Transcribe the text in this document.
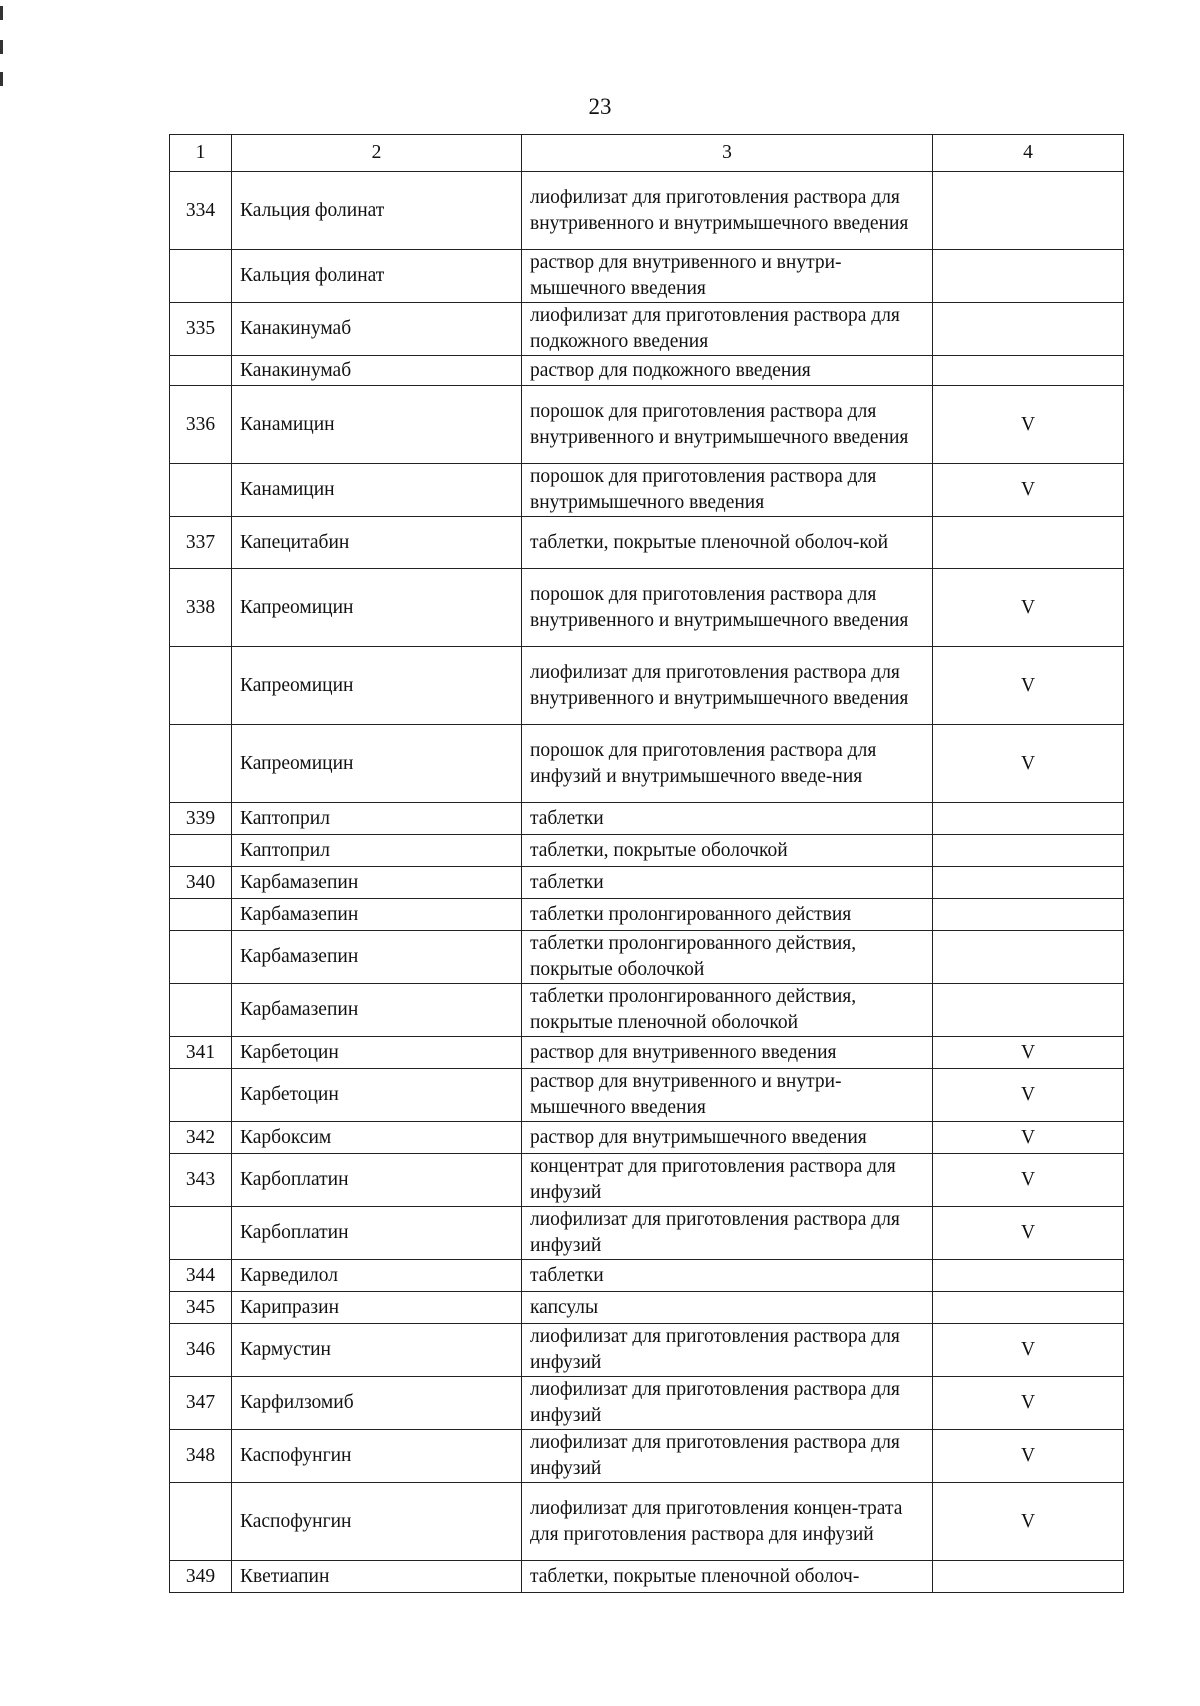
23
1	2	3	4
334	Кальция фолинат	лиофилизат для приготовления раствора для внутривенного и внутримышечного введения	
	Кальция фолинат	раствор для внутривенного и внутри-мышечного введения	
335	Канакинумаб	лиофилизат для приготовления раствора для подкожного введения	
	Канакинумаб	раствор для подкожного введения	
336	Канамицин	порошок для приготовления раствора для внутривенного и внутримышечного введения	V
	Канамицин	порошок для приготовления раствора для внутримышечного введения	V
337	Капецитабин	таблетки, покрытые пленочной оболоч-кой	
338	Капреомицин	порошок для приготовления раствора для внутривенного и внутримышечного введения	V
	Капреомицин	лиофилизат для приготовления раствора для внутривенного и внутримышечного введения	V
	Капреомицин	порошок для приготовления раствора для инфузий и внутримышечного введе-ния	V
339	Каптоприл	таблетки	
	Каптоприл	таблетки, покрытые оболочкой	
340	Карбамазепин	таблетки	
	Карбамазепин	таблетки пролонгированного действия	
	Карбамазепин	таблетки пролонгированного действия, покрытые оболочкой	
	Карбамазепин	таблетки пролонгированного действия, покрытые пленочной оболочкой	
341	Карбетоцин	раствор для внутривенного введения	V
	Карбетоцин	раствор для внутривенного и внутри-мышечного введения	V
342	Карбоксим	раствор для внутримышечного введения	V
343	Карбоплатин	концентрат для приготовления раствора для инфузий	V
	Карбоплатин	лиофилизат для приготовления раствора для инфузий	V
344	Карведилол	таблетки	
345	Карипразин	капсулы	
346	Кармустин	лиофилизат для приготовления раствора для инфузий	V
347	Карфилзомиб	лиофилизат для приготовления раствора для инфузий	V
348	Каспофунгин	лиофилизат для приготовления раствора для инфузий	V
	Каспофунгин	лиофилизат для приготовления концен-трата для приготовления раствора для инфузий	V
349	Кветиапин	таблетки, покрытые пленочной оболоч-	
